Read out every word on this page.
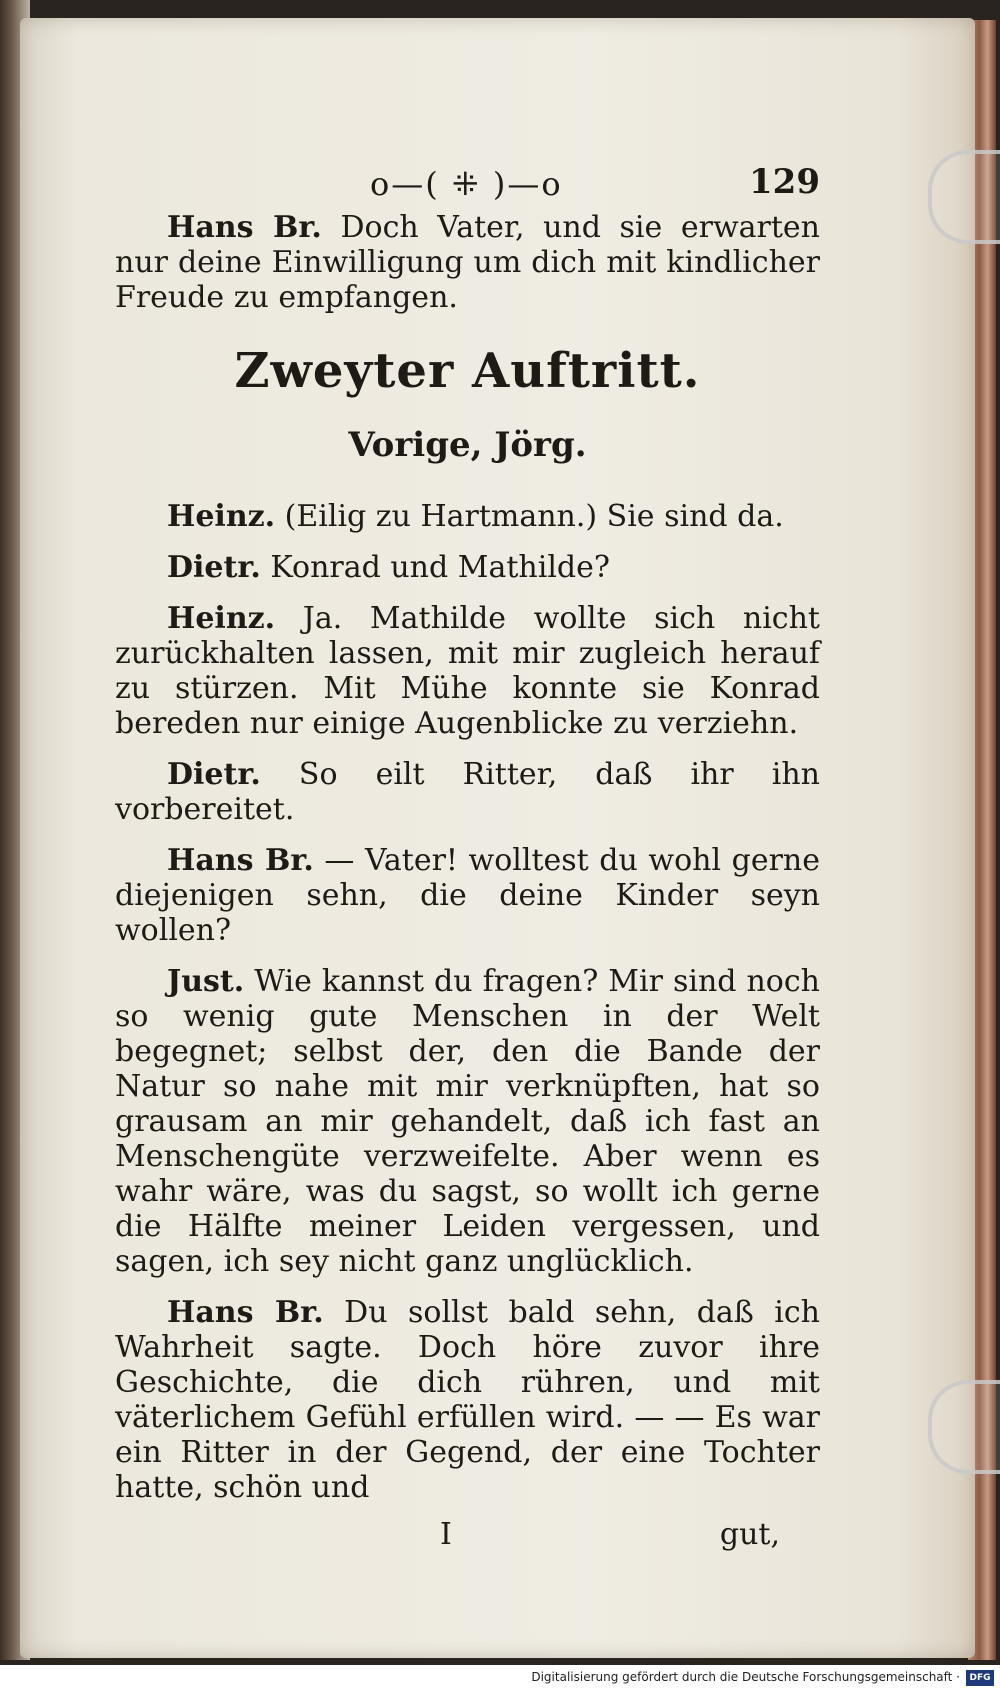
o—( ⁜ )—o	129

Hans Br. Doch Vater, und sie erwarten nur deine Einwilligung um dich mit kindlicher Freude zu empfangen.

Zweyter Auftritt.
Vorige, Jörg.

Heinz. (Eilig zu Hartmann.) Sie sind da.

Dietr. Konrad und Mathilde?

Heinz. Ja. Mathilde wollte sich nicht zurückhalten lassen, mit mir zugleich herauf zu stürzen. Mit Mühe konnte sie Konrad bereden nur einige Augenblicke zu verziehn.

Dietr. So eilt Ritter, daß ihr ihn vorbereitet.

Hans Br. — Vater! wolltest du wohl gerne diejenigen sehn, die deine Kinder seyn wollen?

Just. Wie kannst du fragen? Mir sind noch so wenig gute Menschen in der Welt begegnet; selbst der, den die Bande der Natur so nahe mit mir verknüpften, hat so grausam an mir gehandelt, daß ich fast an Menschengüte verzweifelte. Aber wenn es wahr wäre, was du sagst, so wollt ich gerne die Hälfte meiner Leiden vergessen, und sagen, ich sey nicht ganz unglücklich.

Hans Br. Du sollst bald sehn, daß ich Wahrheit sagte. Doch höre zuvor ihre Geschichte, die dich rühren, und mit väterlichem Gefühl erfüllen wird. — — Es war ein Ritter in der Gegend, der eine Tochter hatte, schön und

I	gut,
Digitalisierung gefördert durch die Deutsche Forschungsgemeinschaft ·	DFG
